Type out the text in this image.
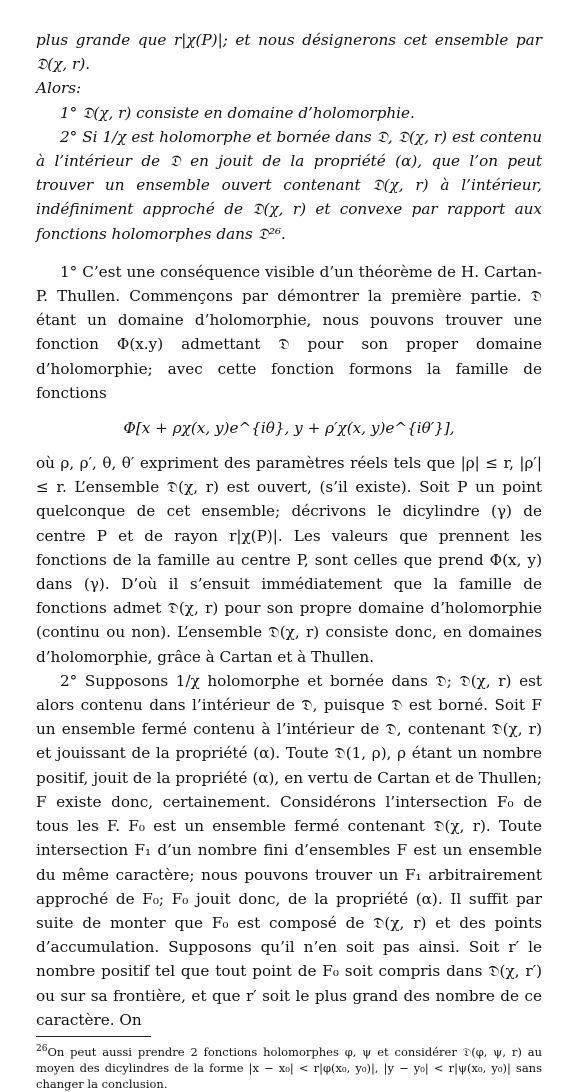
plus grande que r|χ(P)|; et nous désignerons cet ensemble par 𝔇(χ, r).

Alors:

1° 𝔇(χ, r) consiste en domaine d’holomorphie.

2° Si 1/χ est holomorphe et bornée dans 𝔇, 𝔇(χ, r) est contenu à l’intérieur de 𝔇 en jouit de la propriété (α), que l’on peut trouver un ensemble ouvert contenant 𝔇(χ, r) à l’intérieur, indéfiniment approché de 𝔇(χ, r) et convexe par rapport aux fonctions holomorphes dans 𝔇²⁶.

1° C’est une conséquence visible d’un théorème de H. Cartan-P. Thullen. Commençons par démontrer la première partie. 𝔇 étant un domaine d’holomorphie, nous pouvons trouver une fonction Φ(x.y) admettant 𝔇 pour son proper domaine d’holomorphie; avec cette fonction formons la famille de fonctions

Φ[x + ρχ(x, y)e^{iθ}, y + ρ′χ(x, y)e^{iθ′}],

où ρ, ρ′, θ, θ′ expriment des paramètres réels tels que |ρ| ≤ r, |ρ′| ≤ r. L’ensemble 𝔇(χ, r) est ouvert, (s’il existe). Soit P un point quelconque de cet ensemble; décrivons le dicylindre (γ) de centre P et de rayon r|χ(P)|. Les valeurs que prennent les fonctions de la famille au centre P, sont celles que prend Φ(x, y) dans (γ). D’où il s’ensuit immédiatement que la famille de fonctions admet 𝔇(χ, r) pour son propre domaine d’holomorphie (continu ou non). L’ensemble 𝔇(χ, r) consiste donc, en domaines d’holomorphie, grâce à Cartan et à Thullen.

2° Supposons 1/χ holomorphe et bornée dans 𝔇; 𝔇(χ, r) est alors contenu dans l’intérieur de 𝔇, puisque 𝔇 est borné. Soit F un ensemble fermé contenu à l’intérieur de 𝔇, contenant 𝔇(χ, r) et jouissant de la propriété (α). Toute 𝔇(1, ρ), ρ étant un nombre positif, jouit de la propriété (α), en vertu de Cartan et de Thullen; F existe donc, certainement. Considérons l’intersection F₀ de tous les F. F₀ est un ensemble fermé contenant 𝔇(χ, r). Toute intersection F₁ d’un nombre fini d’ensembles F est un ensemble du même caractère; nous pouvons trouver un F₁ arbitrairement approché de F₀; F₀ jouit donc, de la propriété (α). Il suffit par suite de monter que F₀ est composé de 𝔇(χ, r) et des points d’accumulation. Supposons qu’il n’en soit pas ainsi. Soit r′ le nombre positif tel que tout point de F₀ soit compris dans 𝔇(χ, r′) ou sur sa frontière, et que r′ soit le plus grand des nombre de ce caractère. On

$^{26}$On peut aussi prendre 2 fonctions holomorphes φ, ψ et considérer 𝔇(φ, ψ, r) au moyen des dicylindres de la forme |x − x₀| < r|φ(x₀, y₀)|, |y − y₀| < r|ψ(x₀, y₀)| sans changer la conclusion.
